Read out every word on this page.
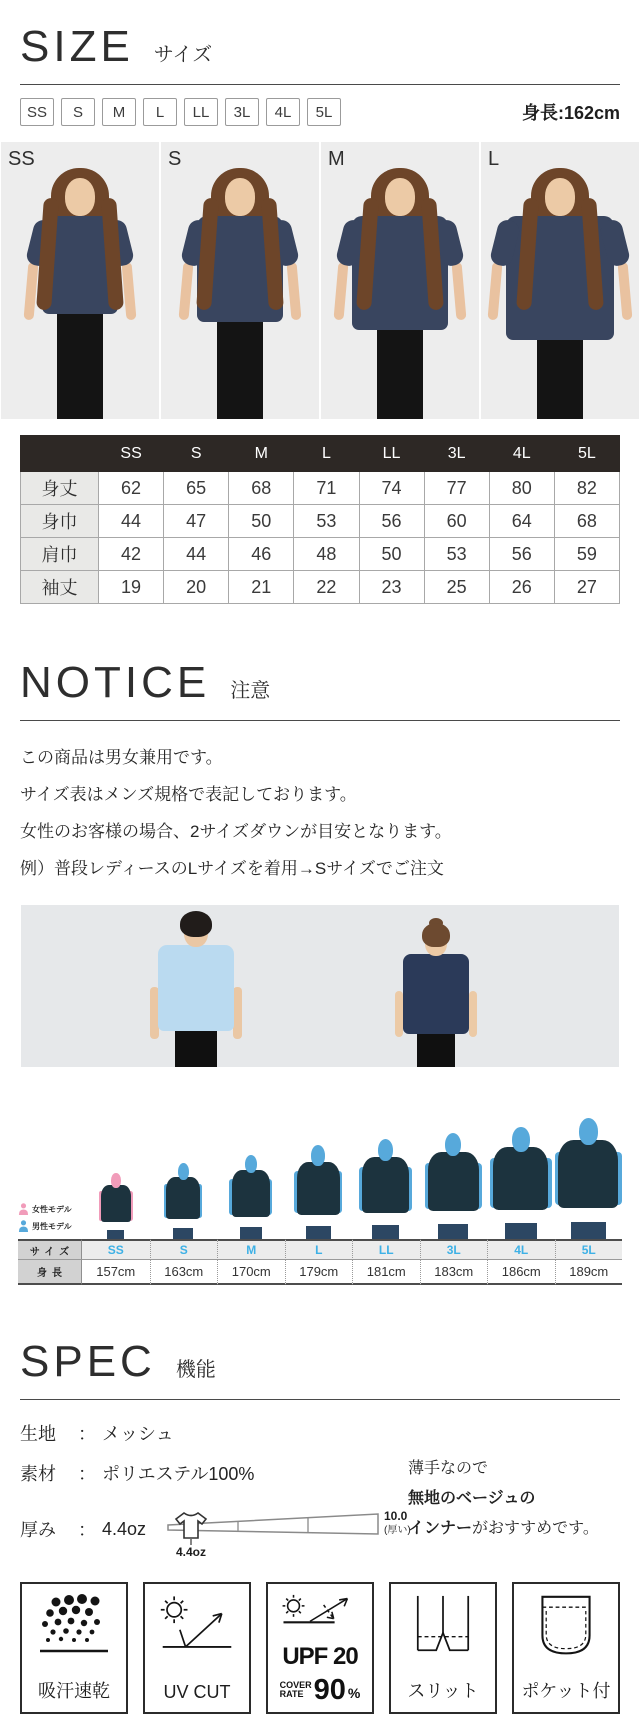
SIZE サイズ
SS	S	M	L	LL	3L	4L	5L	身長:162cm
SS	S	M	L
	SS	S	M	L	LL	3L	4L	5L
身丈	62	65	68	71	74	77	80	82
身巾	44	47	50	53	56	60	64	68
肩巾	42	44	46	48	50	53	56	59
袖丈	19	20	21	22	23	25	26	27
NOTICE 注意
この商品は男女兼用です。
サイズ表はメンズ規格で表記しております。
女性のお客様の場合、2サイズダウンが目安となります。
例）普段レディースのLサイズを着用→Sサイズでご注文
女性モデル
男性モデル
サイズ	SS	S	M	L	LL	3L	4L	5L
身長	157cm	163cm	170cm	179cm	181cm	183cm	186cm	189cm
SPEC 機能
生地	： メッシュ
素材	： ポリエステル100%
厚み	： 4.4oz
4.4oz
10.0
(厚い)
薄手なので
無地のベージュの
インナーがおすすめです。
吸汗速乾	UV CUT
UPF 20
COVER
RATE 90 %	スリット ポケット付
